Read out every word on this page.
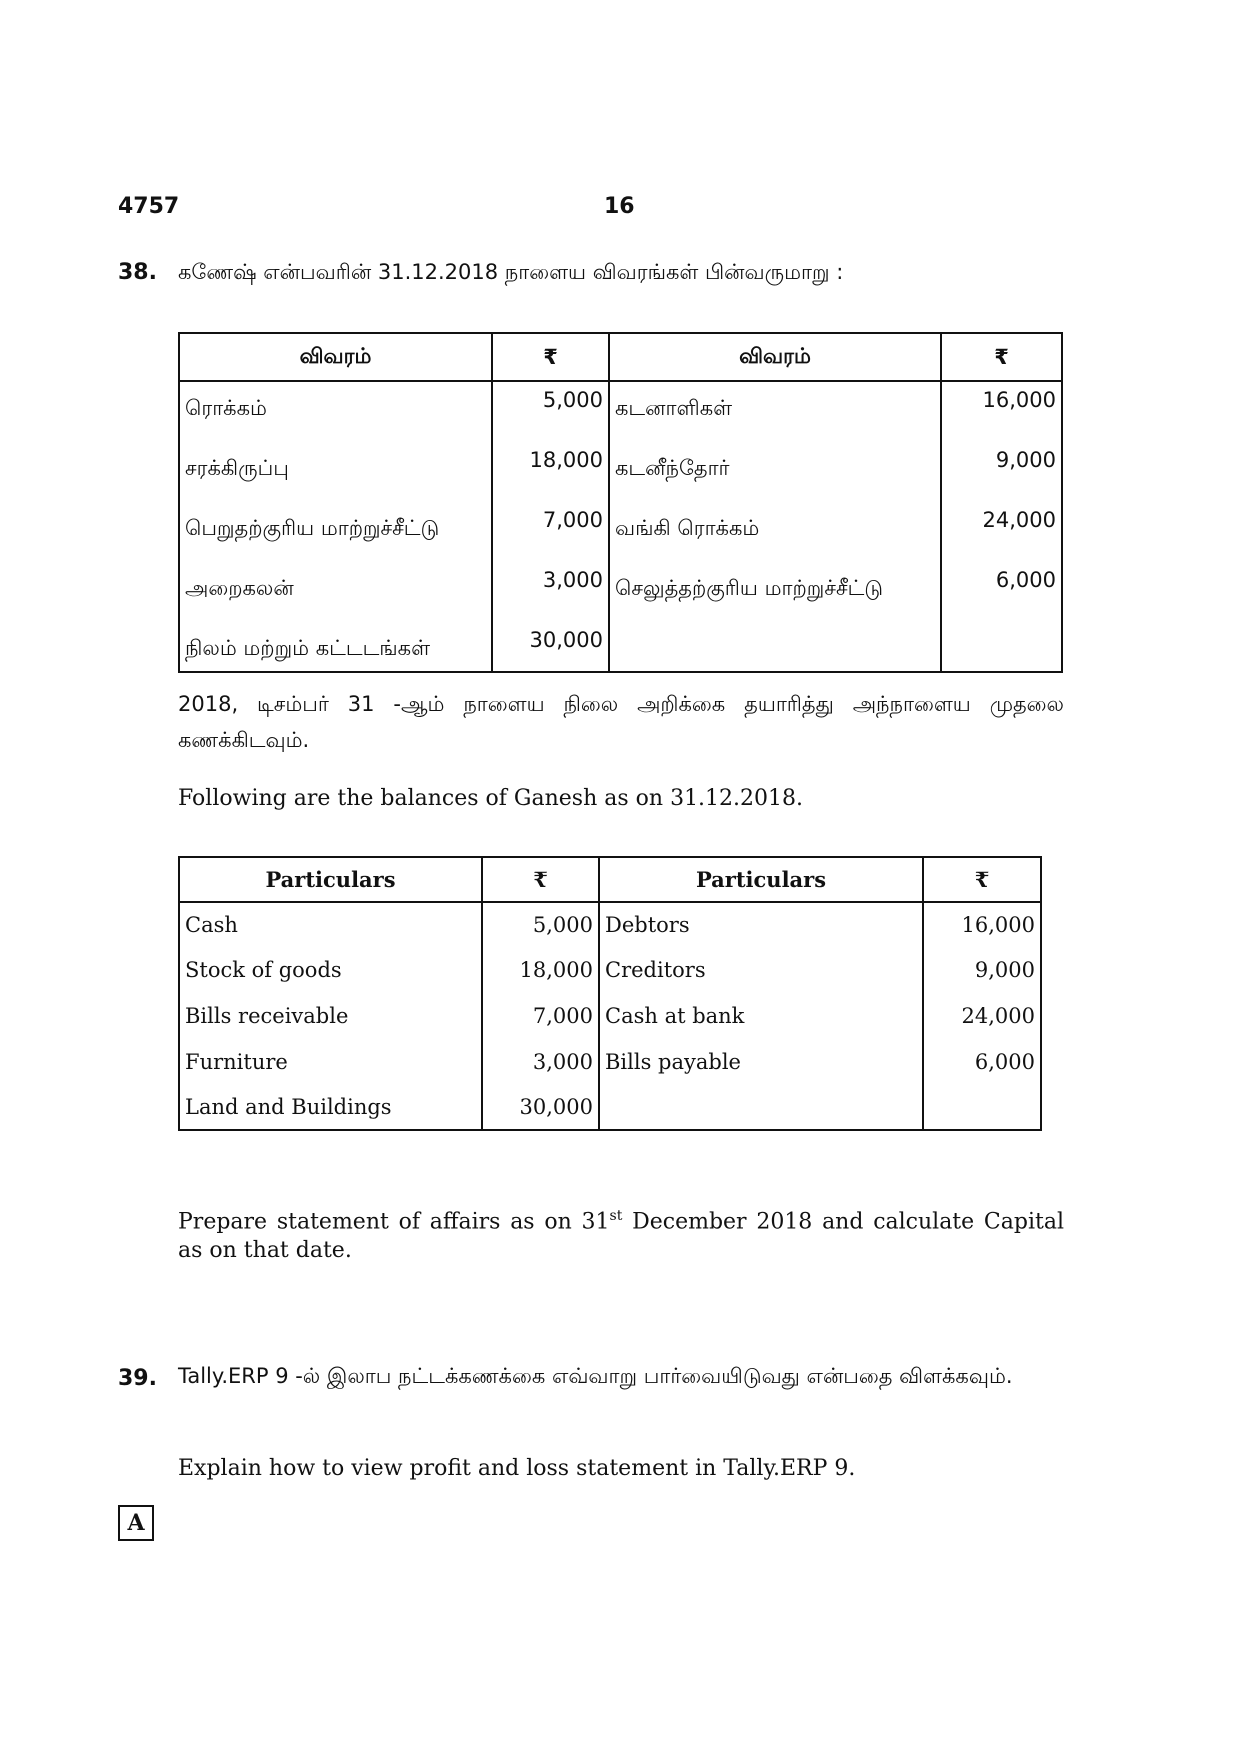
4757	16
38. கணேஷ் என்பவரின் 31.12.2018 நாளைய விவரங்கள் பின்வருமாறு :
விவரம்	₹	விவரம்	₹
ரொக்கம்	5,000	கடனாளிகள்	16,000
சரக்கிருப்பு	18,000	கடனீந்தோர்	9,000
பெறுதற்குரிய மாற்றுச்சீட்டு	7,000	வங்கி ரொக்கம்	24,000
அறைகலன்	3,000	செலுத்தற்குரிய மாற்றுச்சீட்டு	6,000
நிலம் மற்றும் கட்டடங்கள்	30,000		
2018, டிசம்பர் 31 -ஆம் நாளைய நிலை அறிக்கை தயாரித்து அந்நாளைய முதலை கணக்கிடவும்.
Following are the balances of Ganesh as on 31.12.2018.
Particulars	₹	Particulars	₹
Cash	5,000	Debtors	16,000
Stock of goods	18,000	Creditors	9,000
Bills receivable	7,000	Cash at bank	24,000
Furniture	3,000	Bills payable	6,000
Land and Buildings	30,000		
Prepare statement of affairs as on 31st December 2018 and calculate Capital as on that date.
39. Tally.ERP 9 -ல் இலாப நட்டக்கணக்கை எவ்வாறு பார்வையிடுவது என்பதை விளக்கவும்.
Explain how to view profit and loss statement in Tally.ERP 9.
A
